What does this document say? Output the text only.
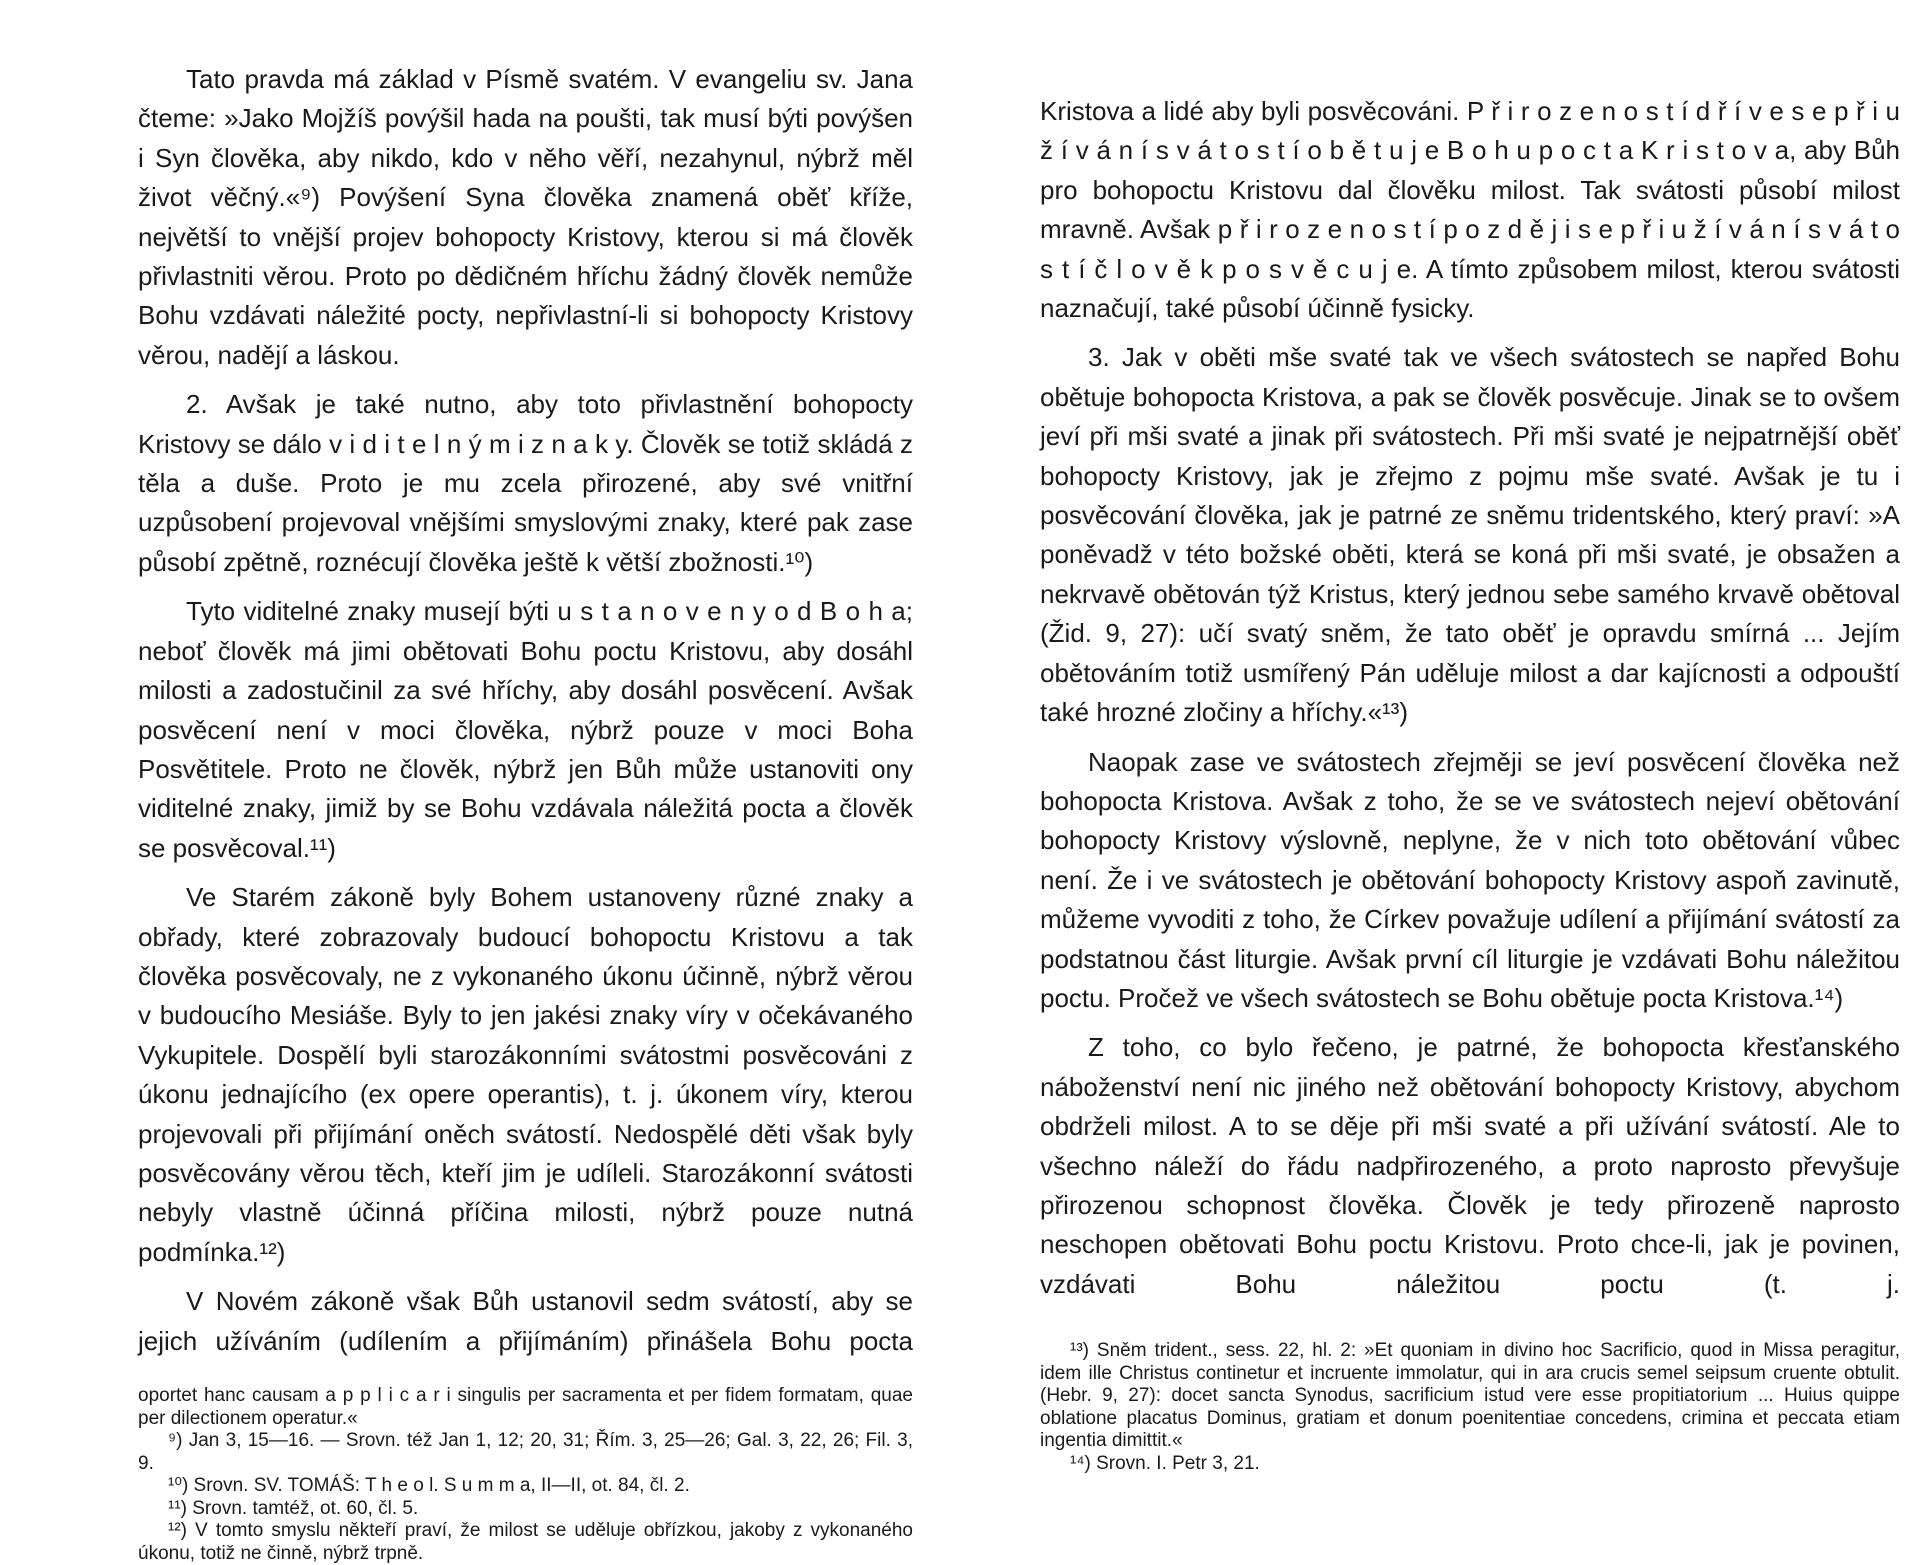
Tato pravda má základ v Písmě svatém. V evangeliu sv. Jana čteme: »Jako Mojžíš povýšil hada na poušti, tak musí býti povýšen i Syn člověka, aby nikdo, kdo v něho věří, nezahynul, nýbrž měl život věčný.«⁹) Povýšení Syna člověka znamená oběť kříže, největší to vnější projev bohopocty Kristovy, kterou si má člověk přivlastniti věrou. Proto po dědičném hříchu žádný člověk nemůže Bohu vzdávati náležité pocty, nepřivlastní-li si bohopocty Kristovy věrou, nadějí a láskou.

2. Avšak je také nutno, aby toto přivlastnění bohopocty Kristovy se dálo v i d i t e l n ý m i z n a k y. Člověk se totiž skládá z těla a duše. Proto je mu zcela přirozené, aby své vnitřní uzpůsobení projevoval vnějšími smyslovými znaky, které pak zase působí zpětně, roznécují člověka ještě k větší zbožnosti.¹⁰)

Tyto viditelné znaky musejí býti u s t a n o v e n y o d B o h a; neboť člověk má jimi obětovati Bohu poctu Kristovu, aby dosáhl milosti a zadostučinil za své hříchy, aby dosáhl posvěcení. Avšak posvěcení není v moci člověka, nýbrž pouze v moci Boha Posvětitele. Proto ne člověk, nýbrž jen Bůh může ustanoviti ony viditelné znaky, jimiž by se Bohu vzdávala náležitá pocta a člověk se posvěcoval.¹¹)

Ve Starém zákoně byly Bohem ustanoveny různé znaky a obřady, které zobrazovaly budoucí bohopoctu Kristovu a tak člověka posvěcovaly, ne z vykonaného úkonu účinně, nýbrž věrou v budoucího Mesiáše. Byly to jen jakési znaky víry v očekávaného Vykupitele. Dospělí byli starozákonními svátostmi posvěcováni z úkonu jednajícího (ex opere operantis), t. j. úkonem víry, kterou projevovali při přijímání oněch svátostí. Nedospělé děti však byly posvěcovány věrou těch, kteří jim je udíleli. Starozákonní svátosti nebyly vlastně účinná příčina milosti, nýbrž pouze nutná podmínka.¹²)

V Novém zákoně však Bůh ustanovil sedm svátostí, aby se jejich užíváním (udílením a přijímáním) přinášela Bohu pocta

oportet hanc causam a p p l i c a r i singulis per sacramenta et per fidem formatam, quae per dilectionem operatur.«

⁹) Jan 3, 15—16. — Srovn. též Jan 1, 12; 20, 31; Řím. 3, 25—26; Gal. 3, 22, 26; Fil. 3, 9.

¹⁰) Srovn. SV. TOMÁŠ: T h e o l. S u m m a, II—II, ot. 84, čl. 2.

¹¹) Srovn. tamtéž, ot. 60, čl. 5.

¹²) V tomto smyslu někteří praví, že milost se uděluje obřízkou, jakoby z vykonaného úkonu, totiž ne činně, nýbrž trpně.

Kristova a lidé aby byli posvěcováni. P ř i r o z e n o s t í d ř í v e s e p ř i u ž í v á n í s v á t o s t í o b ě t u j e B o h u p o c t a K r i s t o v a, aby Bůh pro bohopoctu Kristovu dal člověku milost. Tak svátosti působí milost mravně. Avšak p ř i r o z e n o s t í p o z d ě j i s e p ř i u ž í v á n í s v á t o s t í č l o v ě k p o s v ě c u j e. A tímto způsobem milost, kterou svátosti naznačují, také působí účinně fysicky.

3. Jak v oběti mše svaté tak ve všech svátostech se napřed Bohu obětuje bohopocta Kristova, a pak se člověk posvěcuje. Jinak se to ovšem jeví při mši svaté a jinak při svátostech. Při mši svaté je nejpatrnější oběť bohopocty Kristovy, jak je zřejmo z pojmu mše svaté. Avšak je tu i posvěcování člověka, jak je patrné ze sněmu tridentského, který praví: »A poněvadž v této božské oběti, která se koná při mši svaté, je obsažen a nekrvavě obětován týž Kristus, který jednou sebe samého krvavě obětoval (Žid. 9, 27): učí svatý sněm, že tato oběť je opravdu smírná ... Jejím obětováním totiž usmířený Pán uděluje milost a dar kajícnosti a odpouští také hrozné zločiny a hříchy.«¹³)

Naopak zase ve svátostech zřejměji se jeví posvěcení člověka než bohopocta Kristova. Avšak z toho, že se ve svátostech nejeví obětování bohopocty Kristovy výslovně, neplyne, že v nich toto obětování vůbec není. Že i ve svátostech je obětování bohopocty Kristovy aspoň zavinutě, můžeme vyvoditi z toho, že Církev považuje udílení a přijímání svátostí za podstatnou část liturgie. Avšak první cíl liturgie je vzdávati Bohu náležitou poctu. Pročež ve všech svátostech se Bohu obětuje pocta Kristova.¹⁴)

Z toho, co bylo řečeno, je patrné, že bohopocta křesťanského náboženství není nic jiného než obětování bohopocty Kristovy, abychom obdrželi milost. A to se děje při mši svaté a při užívání svátostí. Ale to všechno náleží do řádu nadpřirozeného, a proto naprosto převyšuje přirozenou schopnost člověka. Člověk je tedy přirozeně naprosto neschopen obětovati Bohu poctu Kristovu. Proto chce-li, jak je povinen, vzdávati Bohu náležitou poctu (t. j.

¹³) Sněm trident., sess. 22, hl. 2: »Et quoniam in divino hoc Sacrificio, quod in Missa peragitur, idem ille Christus continetur et incruente immolatur, qui in ara crucis semel seipsum cruente obtulit. (Hebr. 9, 27): docet sancta Synodus, sacrificium istud vere esse propitiatorium ... Huius quippe oblatione placatus Dominus, gratiam et donum poenitentiae concedens, crimina et peccata etiam ingentia dimittit.«

¹⁴) Srovn. I. Petr 3, 21.
